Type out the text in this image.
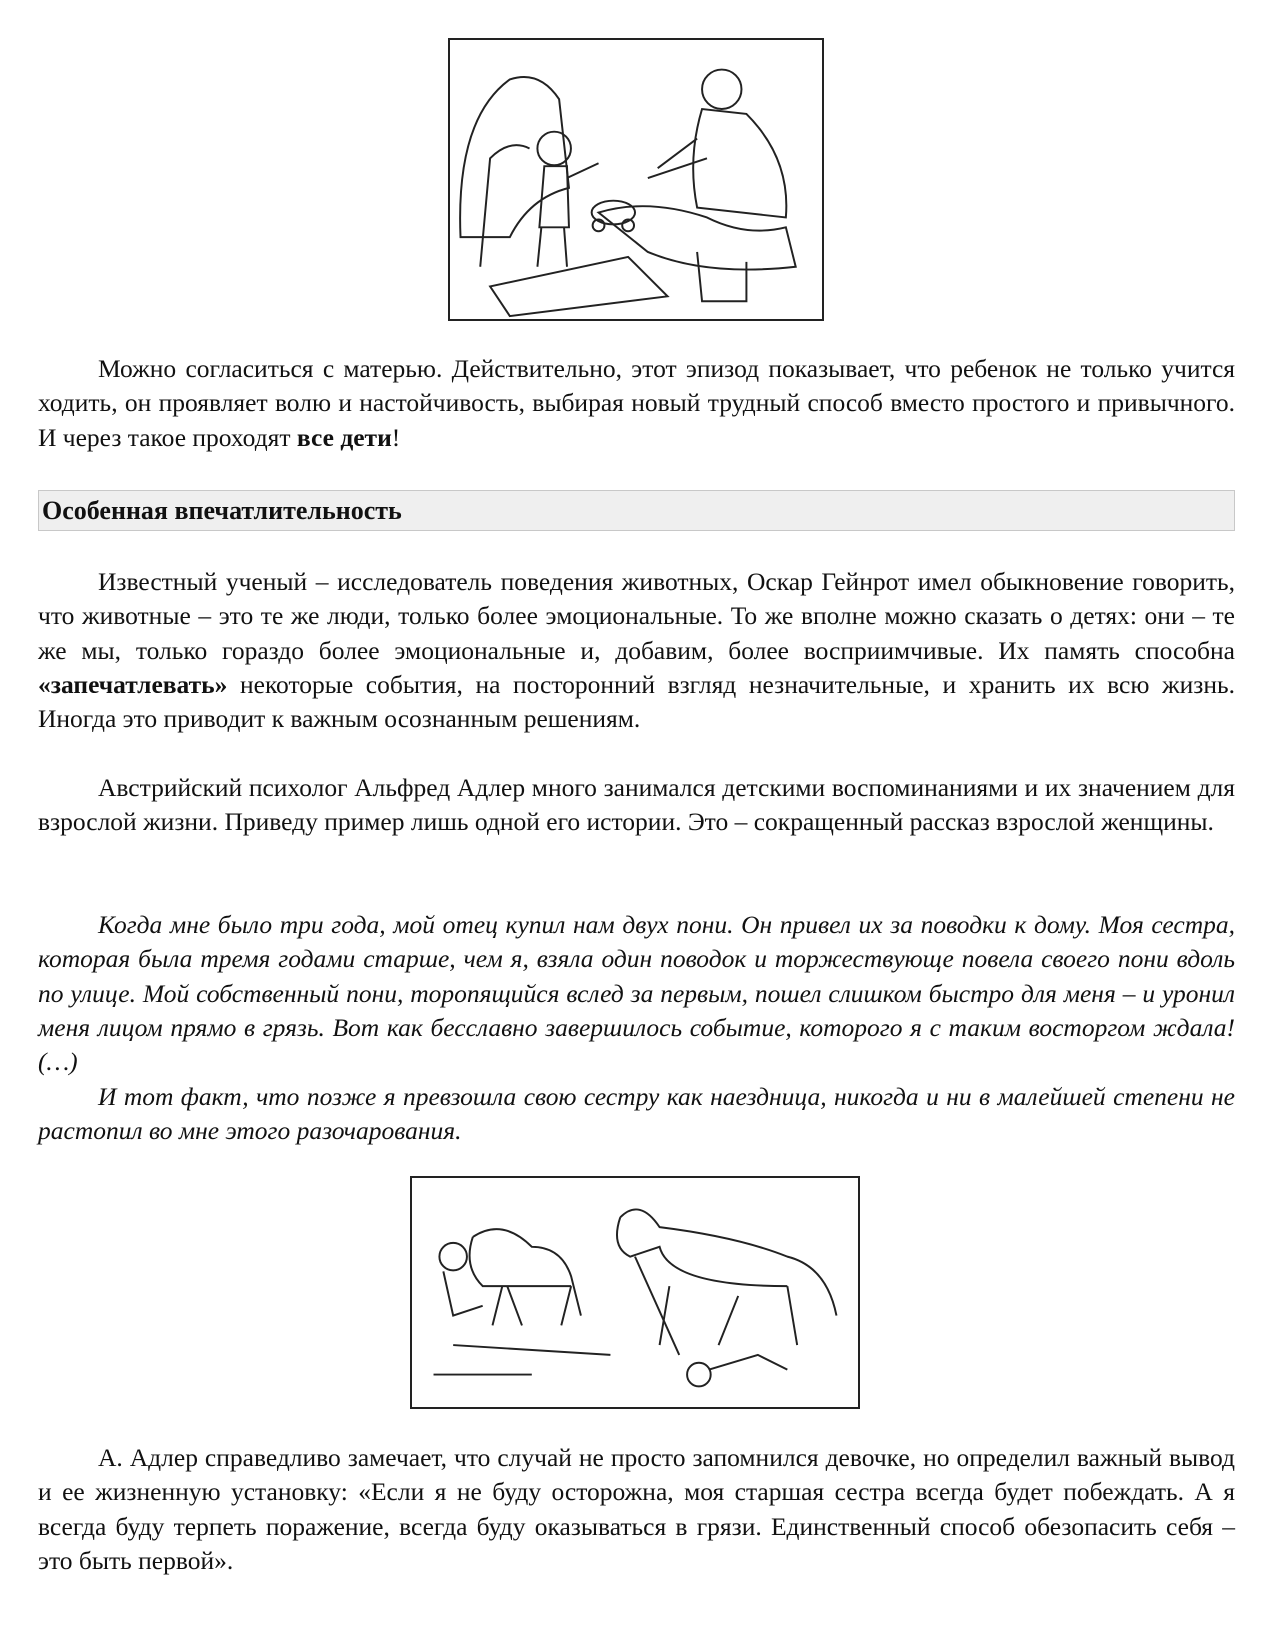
Можно согласиться с матерью. Действительно, этот эпизод показывает, что ребенок не только учится ходить, он проявляет волю и настойчивость, выбирая новый трудный способ вместо простого и привычного. И через такое проходят все дети!

Особенная впечатлительность

Известный ученый – исследователь поведения животных, Оскар Гейнрот имел обыкновение говорить, что животные – это те же люди, только более эмоциональные. То же вполне можно сказать о детях: они – те же мы, только гораздо более эмоциональные и, добавим, более восприимчивые. Их память способна «запечатлевать» некоторые события, на посторонний взгляд незначительные, и хранить их всю жизнь. Иногда это приводит к важным осознанным решениям.

Австрийский психолог Альфред Адлер много занимался детскими воспоминаниями и их значением для взрослой жизни. Приведу пример лишь одной его истории. Это – сокращенный рассказ взрослой женщины.

Когда мне было три года, мой отец купил нам двух пони. Он привел их за поводки к дому. Моя сестра, которая была тремя годами старше, чем я, взяла один поводок и торжествующе повела своего пони вдоль по улице. Мой собственный пони, торопящийся вслед за первым, пошел слишком быстро для меня – и уронил меня лицом прямо в грязь. Вот как бесславно завершилось событие, которого я с таким восторгом ждала! (…)

И тот факт, что позже я превзошла свою сестру как наездница, никогда и ни в малейшей степени не растопил во мне этого разочарования.

А. Адлер справедливо замечает, что случай не просто запомнился девочке, но определил важный вывод и ее жизненную установку: «Если я не буду осторожна, моя старшая сестра всегда будет побеждать. А я всегда буду терпеть поражение, всегда буду оказываться в грязи. Единственный способ обезопасить себя – это быть первой».
